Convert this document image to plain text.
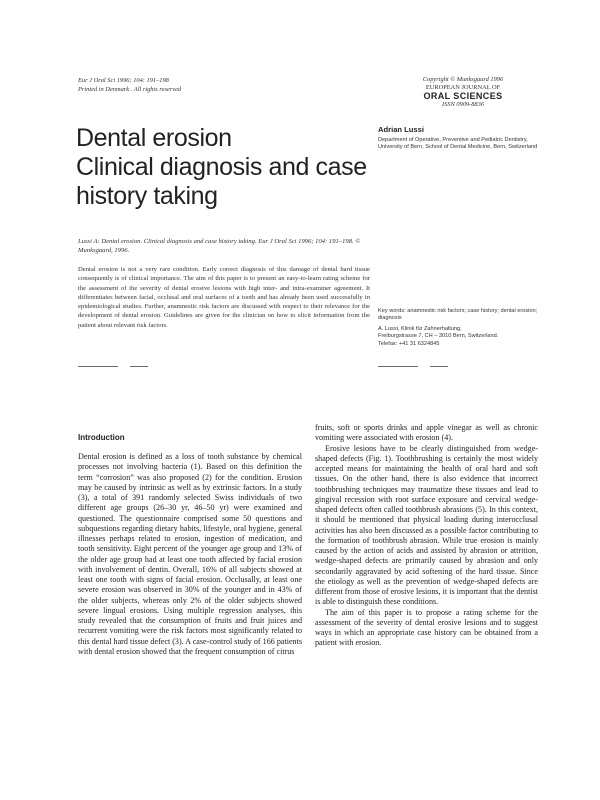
Eur J Oral Sci 1996; 104: 191–198
Printed in Denmark . All rights reserved
Copyright © Munksgaard 1996
EUROPEAN JOURNAL OF
ORAL SCIENCES
ISSN 0909-8836
Dental erosion
Clinical diagnosis and case
history taking
Adrian Lussi
Department of Operative, Preventive and Pediatric Dentistry, University of Bern, School of Dental Medicine, Bern, Switzerland
Lussi A: Dental erosion. Clinical diagnosis and case history taking. Eur J Oral Sci 1996; 104: 191–198. © Munksgaard, 1996.
Dental erosion is not a very rare condition. Early correct diagnosis of this damage of dental hard tissue consequently is of clinical importance. The aim of this paper is to present an easy-to-learn rating scheme for the assessment of the severity of dental erosive lesions with high inter- and intra-examiner agreement. It differentiates between facial, occlusal and oral surfaces of a tooth and has already been used successfully in epidemiological studies. Further, anamnestic risk factors are discussed with respect to their relevance for the development of dental erosion. Guidelines are given for the clinician on how to elicit information from the patient about relevant risk factors.
Key words: anamnestic risk factors; case history; dental erosion; diagnosis
A. Lussi, Klinik für Zahnerhaltung,
Freiburgstrasse 7, CH – 3010 Bern, Switzerland.
Telefax: +41 31 6324845
Introduction

Dental erosion is defined as a loss of tooth substance by chemical processes not involving bacteria (1). Based on this definition the term “corrosion” was also proposed (2) for the condition. Erosion may be caused by intrinsic as well as by extrinsic factors. In a study (3), a total of 391 randomly selected Swiss individuals of two different age groups (26–30 yr, 46–50 yr) were examined and questioned. The questionnaire comprised some 50 questions and subquestions regarding dietary habits, lifestyle, oral hygiene, general illnesses perhaps related to erosion, ingestion of medication, and tooth sensitivity. Eight percent of the younger age group and 13% of the older age group had at least one tooth affected by facial erosion with involvement of dentin. Overall, 16% of all subjects showed at least one tooth with signs of facial erosion. Occlusally, at least one severe erosion was observed in 30% of the younger and in 43% of the older subjects, whereas only 2% of the older subjects showed severe lingual erosions. Using multiple regression analyses, this study revealed that the consumption of fruits and fruit juices and recurrent vomiting were the risk factors most significantly related to this dental hard tissue defect (3). A case-control study of 166 patients with dental erosion showed that the frequent consumption of citrus

fruits, soft or sports drinks and apple vinegar as well as chronic vomiting were associated with erosion (4).

Erosive lesions have to be clearly distinguished from wedge-shaped defects (Fig. 1). Toothbrushing is certainly the most widely accepted means for maintaining the health of oral hard and soft tissues. On the other hand, there is also evidence that incorrect toothbrushing techniques may traumatize these tissues and lead to gingival recession with root surface exposure and cervical wedge-shaped defects often called toothbrush abrasions (5). In this context, it should be mentioned that physical loading during interocclusal activities has also been discussed as a possible factor contributing to the formation of toothbrush abrasion. While true erosion is mainly caused by the action of acids and assisted by abrasion or attrition, wedge-shaped defects are primarily caused by abrasion and only secondarily aggravated by acid softening of the hard tissue. Since the etiology as well as the prevention of wedge-shaped defects are different from those of erosive lesions, it is important that the dentist is able to distinguish these conditions.

The aim of this paper is to propose a rating scheme for the assessment of the severity of dental erosive lesions and to suggest ways in which an appropriate case history can be obtained from a patient with erosion.
